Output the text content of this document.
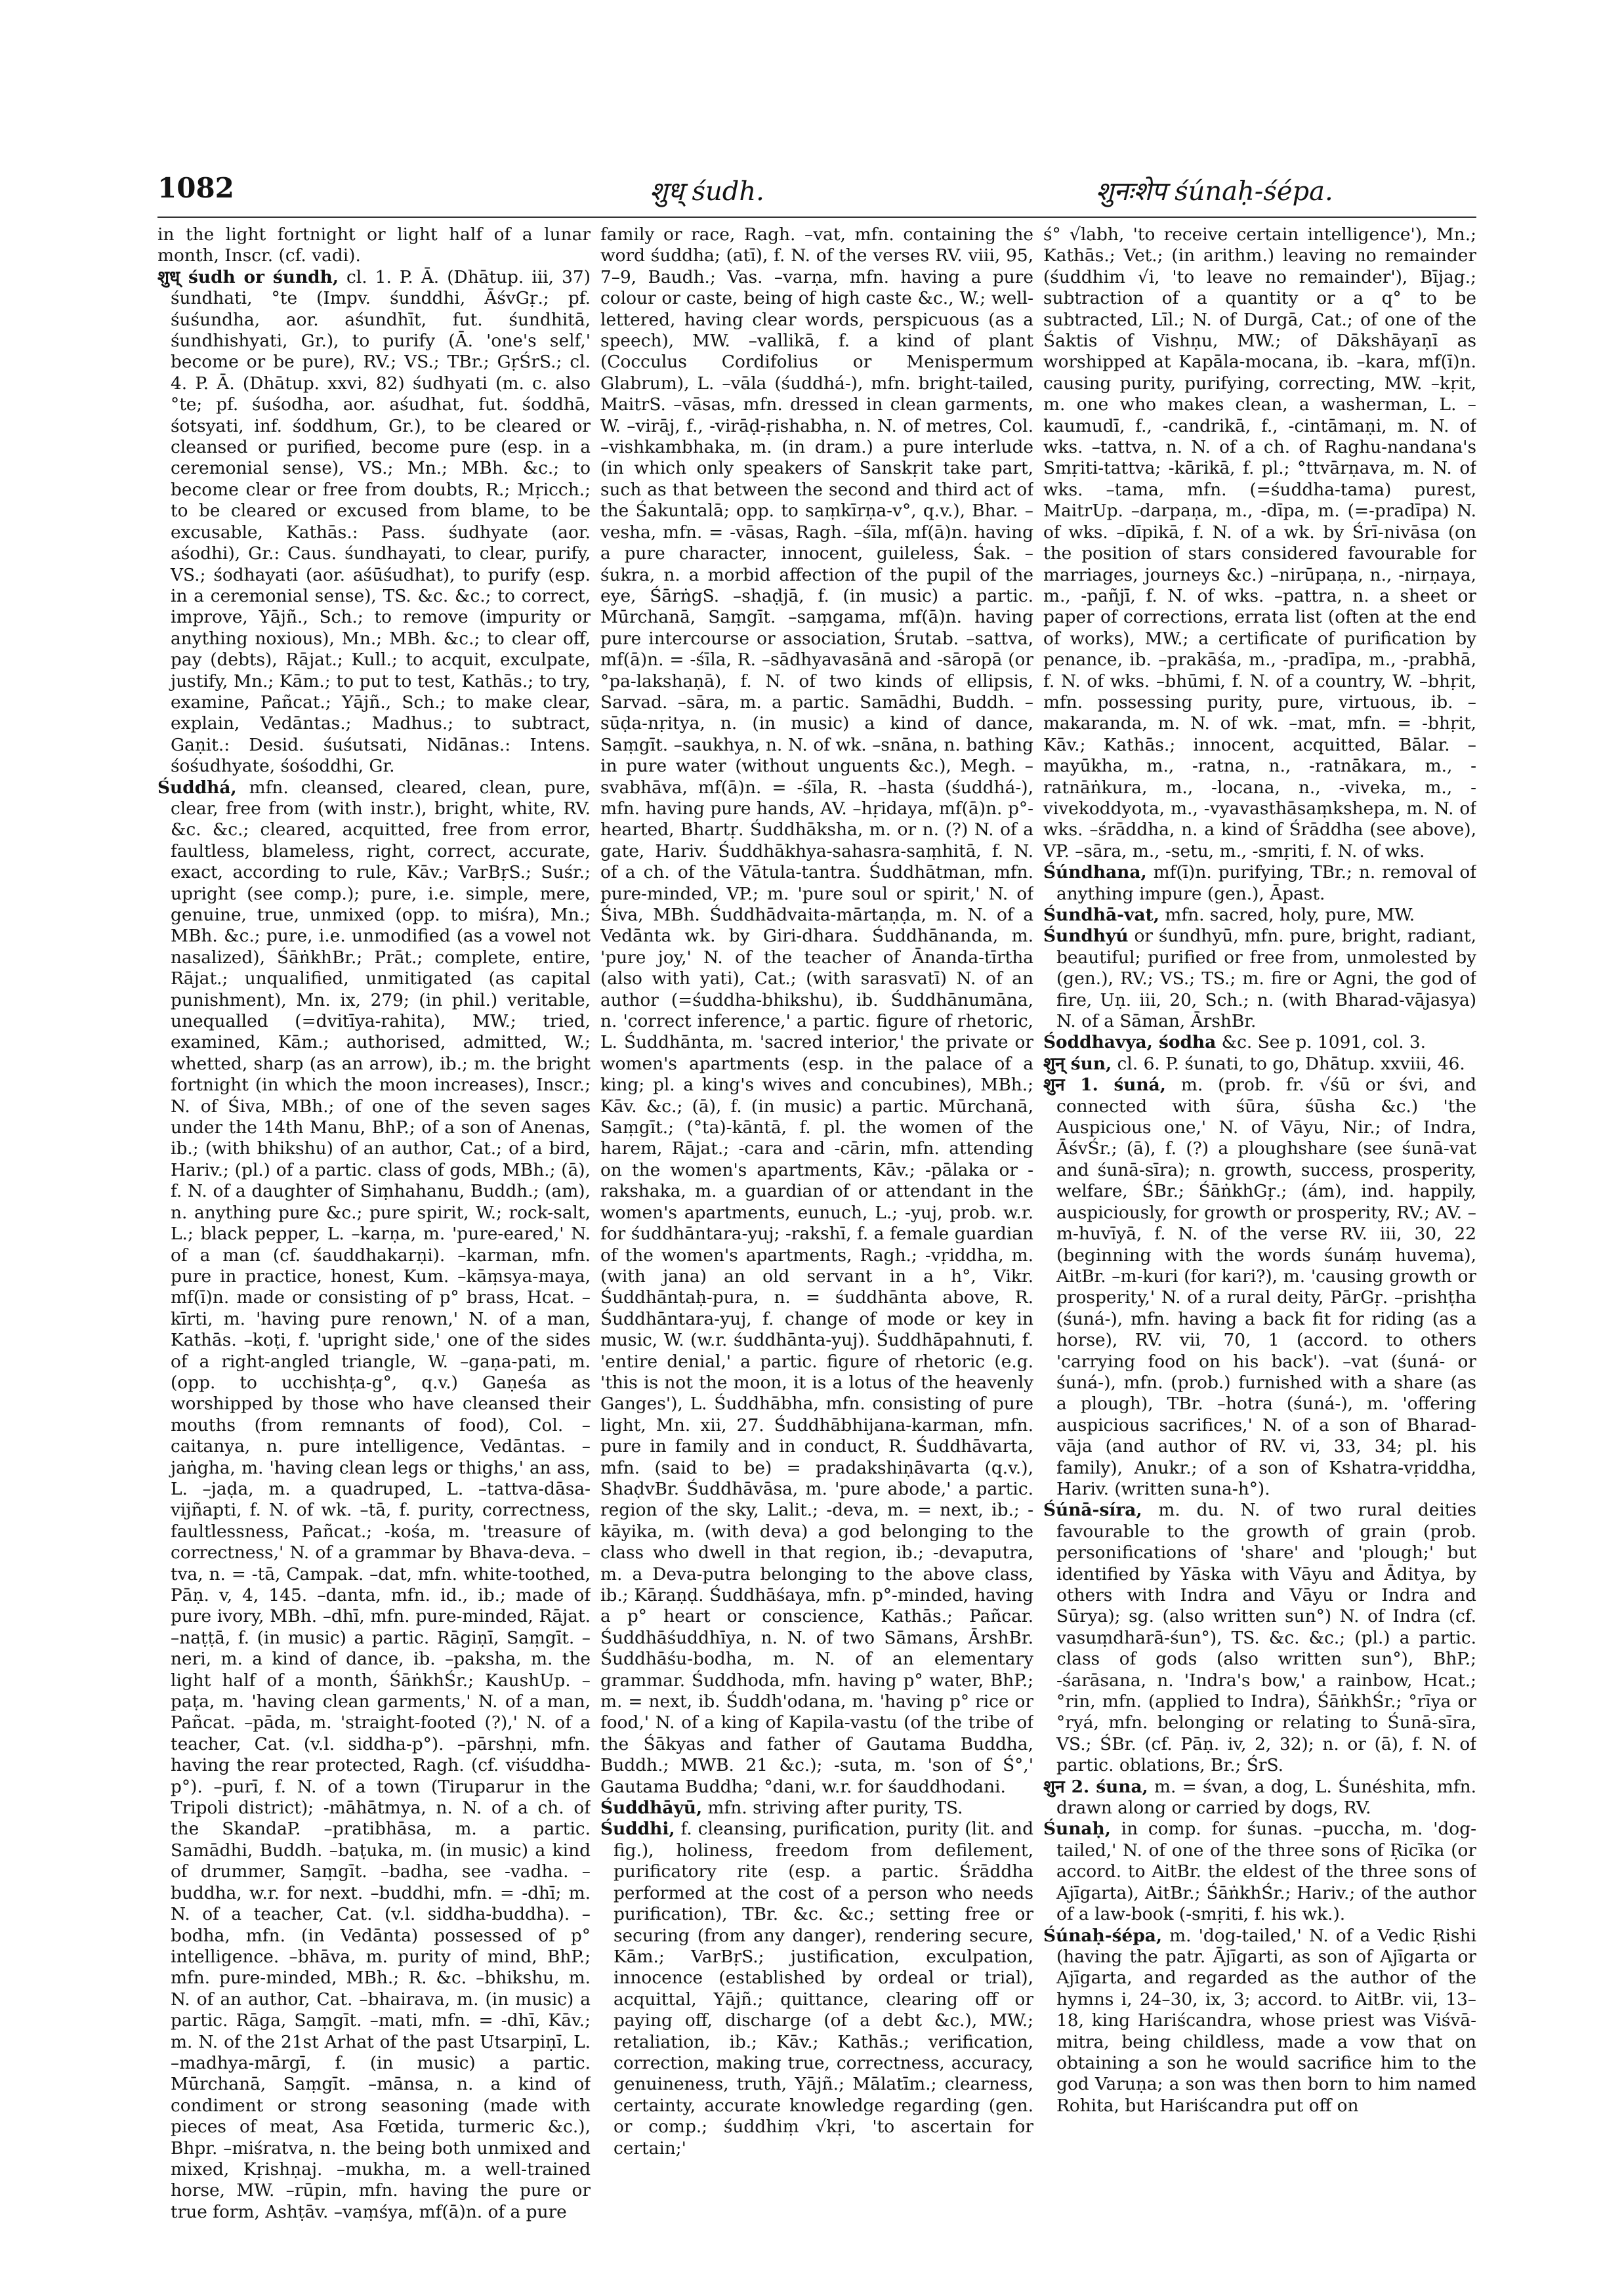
1082	शुध् śudh.	शुनःशेप śúnaḥ-śépa.

in the light fortnight or light half of a lunar month, Inscr. (cf. vadi).

शुध् śudh or śundh, cl. 1. P. Ā. (Dhātup. iii, 37) śundhati, °te (Impv. śunddhi, ĀśvGṛ.; pf. śuśundha, aor. aśundhīt, fut. śundhitā, śundhishyati, Gr.), to purify (Ā. 'one's self,' become or be pure), RV.; VS.; TBr.; GṛŚrS.; cl. 4. P. Ā. (Dhātup. xxvi, 82) śudhyati (m. c. also °te; pf. śuśodha, aor. aśudhat, fut. śoddhā, śotsyati, inf. śoddhum, Gr.), to be cleared or cleansed or purified, become pure (esp. in a ceremonial sense), VS.; Mn.; MBh. &c.; to become clear or free from doubts, R.; Mṛicch.; to be cleared or excused from blame, to be excusable, Kathās.: Pass. śudhyate (aor. aśodhi), Gr.: Caus. śundhayati, to clear, purify, VS.; śodhayati (aor. aśūśudhat), to purify (esp. in a ceremonial sense), TS. &c. &c.; to correct, improve, Yājñ., Sch.; to remove (impurity or anything noxious), Mn.; MBh. &c.; to clear off, pay (debts), Rājat.; Kull.; to acquit, exculpate, justify, Mn.; Kām.; to put to test, Kathās.; to try, examine, Pañcat.; Yājñ., Sch.; to make clear, explain, Vedāntas.; Madhus.; to subtract, Gaṇit.: Desid. śuśutsati, Nidānas.: Intens. śośudhyate, śośoddhi, Gr.

Śuddhá, mfn. cleansed, cleared, clean, pure, clear, free from (with instr.), bright, white, RV. &c. &c.; cleared, acquitted, free from error, faultless, blameless, right, correct, accurate, exact, according to rule, Kāv.; VarBṛS.; Suśr.; upright (see comp.); pure, i.e. simple, mere, genuine, true, unmixed (opp. to miśra), Mn.; MBh. &c.; pure, i.e. unmodified (as a vowel not nasalized), ŚāṅkhBr.; Prāt.; complete, entire, Rājat.; unqualified, unmitigated (as capital punishment), Mn. ix, 279; (in phil.) veritable, unequalled (=dvitīya-rahita), MW.; tried, examined, Kām.; authorised, admitted, W.; whetted, sharp (as an arrow), ib.; m. the bright fortnight (in which the moon increases), Inscr.; N. of Śiva, MBh.; of one of the seven sages under the 14th Manu, BhP.; of a son of Anenas, ib.; (with bhikshu) of an author, Cat.; of a bird, Hariv.; (pl.) of a partic. class of gods, MBh.; (ā), f. N. of a daughter of Siṃhahanu, Buddh.; (am), n. anything pure &c.; pure spirit, W.; rock-salt, L.; black pepper, L. –karṇa, m. 'pure-eared,' N. of a man (cf. śauddhakarṇi). –karman, mfn. pure in practice, honest, Kum. –kāṃsya-maya, mf(ī)n. made or consisting of p° brass, Hcat. –kīrti, m. 'having pure renown,' N. of a man, Kathās. –koṭi, f. 'upright side,' one of the sides of a right-angled triangle, W. –gaṇa-pati, m. (opp. to ucchishṭa-g°, q.v.) Gaṇeśa as worshipped by those who have cleansed their mouths (from remnants of food), Col. –caitanya, n. pure intelligence, Vedāntas. –jaṅgha, m. 'having clean legs or thighs,' an ass, L. –jaḍa, m. a quadruped, L. –tattva-dāsa-vijñapti, f. N. of wk. –tā, f. purity, correctness, faultlessness, Pañcat.; -kośa, m. 'treasure of correctness,' N. of a grammar by Bhava-deva. –tva, n. = -tā, Campak. –dat, mfn. white-toothed, Pāṇ. v, 4, 145. –danta, mfn. id., ib.; made of pure ivory, MBh. –dhī, mfn. pure-minded, Rājat. –naṭṭā, f. (in music) a partic. Rāgiṇī, Saṃgīt. –neri, m. a kind of dance, ib. –paksha, m. the light half of a month, ŚāṅkhŚr.; KaushUp. –paṭa, m. 'having clean garments,' N. of a man, Pañcat. –pāda, m. 'straight-footed (?),' N. of a teacher, Cat. (v.l. siddha-p°). –pārshṇi, mfn. having the rear protected, Ragh. (cf. viśuddha-p°). –purī, f. N. of a town (Tiruparur in the Tripoli district); -māhātmya, n. N. of a ch. of the SkandaP. –pratibhāsa, m. a partic. Samādhi, Buddh. –baṭuka, m. (in music) a kind of drummer, Saṃgīt. –badha, see -vadha. –buddha, w.r. for next. –buddhi, mfn. = -dhī; m. N. of a teacher, Cat. (v.l. siddha-buddha). –bodha, mfn. (in Vedānta) possessed of p° intelligence. –bhāva, m. purity of mind, BhP.; mfn. pure-minded, MBh.; R. &c. –bhikshu, m. N. of an author, Cat. –bhairava, m. (in music) a partic. Rāga, Saṃgīt. –mati, mfn. = -dhī, Kāv.; m. N. of the 21st Arhat of the past Utsarpiṇī, L. –madhya-mārgī, f. (in music) a partic. Mūrchanā, Saṃgīt. –mānsa, n. a kind of condiment or strong seasoning (made with pieces of meat, Asa Fœtida, turmeric &c.), Bhpr. –miśratva, n. the being both unmixed and mixed, Kṛishṇaj. –mukha, m. a well-trained horse, MW. –rūpin, mfn. having the pure or true form, Ashṭāv. –vaṃśya, mf(ā)n. of a pure

family or race, Ragh. –vat, mfn. containing the word śuddha; (atī), f. N. of the verses RV. viii, 95, 7–9, Baudh.; Vas. –varṇa, mfn. having a pure colour or caste, being of high caste &c., W.; well-lettered, having clear words, perspicuous (as a speech), MW. –vallikā, f. a kind of plant (Cocculus Cordifolius or Menispermum Glabrum), L. –vāla (śuddhá-), mfn. bright-tailed, MaitrS. –vāsas, mfn. dressed in clean garments, W. –virāj, f., -virāḍ-ṛishabha, n. N. of metres, Col. –vishkambhaka, m. (in dram.) a pure interlude (in which only speakers of Sanskṛit take part, such as that between the second and third act of the Śakuntalā; opp. to saṃkīrṇa-v°, q.v.), Bhar. –vesha, mfn. = -vāsas, Ragh. –śīla, mf(ā)n. having a pure character, innocent, guileless, Śak. –śukra, n. a morbid affection of the pupil of the eye, ŚārṅgS. –shaḍjā, f. (in music) a partic. Mūrchanā, Saṃgīt. –saṃgama, mf(ā)n. having pure intercourse or association, Śrutab. –sattva, mf(ā)n. = -śīla, R. –sādhyavasānā and -sāropā (or °pa-lakshaṇā), f. N. of two kinds of ellipsis, Sarvad. –sāra, m. a partic. Samādhi, Buddh. –sūḍa-nṛitya, n. (in music) a kind of dance, Saṃgīt. –saukhya, n. N. of wk. –snāna, n. bathing in pure water (without unguents &c.), Megh. –svabhāva, mf(ā)n. = -śīla, R. –hasta (śuddhá-), mfn. having pure hands, AV. –hṛidaya, mf(ā)n. p°-hearted, Bhartṛ. Śuddhāksha, m. or n. (?) N. of a gate, Hariv. Śuddhākhya-sahasra-saṃhitā, f. N. of a ch. of the Vātula-tantra. Śuddhātman, mfn. pure-minded, VP.; m. 'pure soul or spirit,' N. of Śiva, MBh. Śuddhādvaita-mārtaṇḍa, m. N. of a Vedānta wk. by Giri-dhara. Śuddhānanda, m. 'pure joy,' N. of the teacher of Ānanda-tīrtha (also with yati), Cat.; (with sarasvatī) N. of an author (=śuddha-bhikshu), ib. Śuddhānumāna, n. 'correct inference,' a partic. figure of rhetoric, L. Śuddhānta, m. 'sacred interior,' the private or women's apartments (esp. in the palace of a king; pl. a king's wives and concubines), MBh.; Kāv. &c.; (ā), f. (in music) a partic. Mūrchanā, Saṃgīt.; (°ta)-kāntā, f. pl. the women of the harem, Rājat.; -cara and -cārin, mfn. attending on the women's apartments, Kāv.; -pālaka or -rakshaka, m. a guardian of or attendant in the women's apartments, eunuch, L.; -yuj, prob. w.r. for śuddhāntara-yuj; -rakshī, f. a female guardian of the women's apartments, Ragh.; -vṛiddha, m. (with jana) an old servant in a h°, Vikr. Śuddhāntaḥ-pura, n. = śuddhānta above, R. Śuddhāntara-yuj, f. change of mode or key in music, W. (w.r. śuddhānta-yuj). Śuddhāpahnuti, f. 'entire denial,' a partic. figure of rhetoric (e.g. 'this is not the moon, it is a lotus of the heavenly Ganges'), L. Śuddhābha, mfn. consisting of pure light, Mn. xii, 27. Śuddhābhijana-karman, mfn. pure in family and in conduct, R. Śuddhāvarta, mfn. (said to be) = pradakshiṇāvarta (q.v.), ShaḍvBr. Śuddhāvāsa, m. 'pure abode,' a partic. region of the sky, Lalit.; -deva, m. = next, ib.; -kāyika, m. (with deva) a god belonging to the class who dwell in that region, ib.; -devaputra, m. a Deva-putra belonging to the above class, ib.; Kāraṇḍ. Śuddhāśaya, mfn. p°-minded, having a p° heart or conscience, Kathās.; Pañcar. Śuddhāśuddhīya, n. N. of two Sāmans, ĀrshBr. Śuddhāśu-bodha, m. N. of an elementary grammar. Śuddhoda, mfn. having p° water, BhP.; m. = next, ib. Śuddh'odana, m. 'having p° rice or food,' N. of a king of Kapila-vastu (of the tribe of the Śākyas and father of Gautama Buddha, Buddh.; MWB. 21 &c.); -suta, m. 'son of Ś°,' Gautama Buddha; °dani, w.r. for śauddhodani.

Śuddhāyū, mfn. striving after purity, TS.

Śuddhi, f. cleansing, purification, purity (lit. and fig.), holiness, freedom from defilement, purificatory rite (esp. a partic. Śrāddha performed at the cost of a person who needs purification), TBr. &c. &c.; setting free or securing (from any danger), rendering secure, Kām.; VarBṛS.; justification, exculpation, innocence (established by ordeal or trial), acquittal, Yājñ.; quittance, clearing off or paying off, discharge (of a debt &c.), MW.; retaliation, ib.; Kāv.; Kathās.; verification, correction, making true, correctness, accuracy, genuineness, truth, Yājñ.; Mālatīm.; clearness, certainty, accurate knowledge regarding (gen. or comp.; śuddhiṃ √kṛi, 'to ascertain for certain;'

ś° √labh, 'to receive certain intelligence'), Mn.; Kathās.; Vet.; (in arithm.) leaving no remainder (śuddhim √i, 'to leave no remainder'), Bījag.; subtraction of a quantity or a q° to be subtracted, Līl.; N. of Durgā, Cat.; of one of the Śaktis of Vishṇu, MW.; of Dākshāyaṇī as worshipped at Kapāla-mocana, ib. –kara, mf(ī)n. causing purity, purifying, correcting, MW. –kṛit, m. one who makes clean, a washerman, L. –kaumudī, f., -candrikā, f., -cintāmaṇi, m. N. of wks. –tattva, n. N. of a ch. of Raghu-nandana's Smṛiti-tattva; -kārikā, f. pl.; °ttvārṇava, m. N. of wks. –tama, mfn. (=śuddha-tama) purest, MaitrUp. –darpaṇa, m., -dīpa, m. (=-pradīpa) N. of wks. –dīpikā, f. N. of a wk. by Śrī-nivāsa (on the position of stars considered favourable for marriages, journeys &c.) –nirūpaṇa, n., -nirṇaya, m., -pañjī, f. N. of wks. –pattra, n. a sheet or paper of corrections, errata list (often at the end of works), MW.; a certificate of purification by penance, ib. –prakāśa, m., -pradīpa, m., -prabhā, f. N. of wks. –bhūmi, f. N. of a country, W. –bhṛit, mfn. possessing purity, pure, virtuous, ib. –makaranda, m. N. of wk. –mat, mfn. = -bhṛit, Kāv.; Kathās.; innocent, acquitted, Bālar. –mayūkha, m., -ratna, n., -ratnākara, m., -ratnāṅkura, m., -locana, n., -viveka, m., -vivekoddyota, m., -vyavasthāsaṃkshepa, m. N. of wks. –śrāddha, n. a kind of Śrāddha (see above), VP. –sāra, m., -setu, m., -smṛiti, f. N. of wks.

Śúndhana, mf(ī)n. purifying, TBr.; n. removal of anything impure (gen.), Āpast.

Śundhā-vat, mfn. sacred, holy, pure, MW.

Śundhyú or śundhyū, mfn. pure, bright, radiant, beautiful; purified or free from, unmolested by (gen.), RV.; VS.; TS.; m. fire or Agni, the god of fire, Uṇ. iii, 20, Sch.; n. (with Bharad-vājasya) N. of a Sāman, ĀrshBr.

Śoddhavya, śodha &c. See p. 1091, col. 3.

शुन् śun, cl. 6. P. śunati, to go, Dhātup. xxviii, 46.

शुन 1. śuná, m. (prob. fr. √śū or śvi, and connected with śūra, śūsha &c.) 'the Auspicious one,' N. of Vāyu, Nir.; of Indra, ĀśvŚr.; (ā), f. (?) a ploughshare (see śunā-vat and śunā-sīra); n. growth, success, prosperity, welfare, ŚBr.; ŚāṅkhGṛ.; (ám), ind. happily, auspiciously, for growth or prosperity, RV.; AV. –m-huvīyā, f. N. of the verse RV. iii, 30, 22 (beginning with the words śunáṃ huvema), AitBr. –m-kuri (for kari?), m. 'causing growth or prosperity,' N. of a rural deity, PārGṛ. –prishṭha (śuná-), mfn. having a back fit for riding (as a horse), RV. vii, 70, 1 (accord. to others 'carrying food on his back'). –vat (śuná- or śuná-), mfn. (prob.) furnished with a share (as a plough), TBr. –hotra (śuná-), m. 'offering auspicious sacrifices,' N. of a son of Bharad-vāja (and author of RV. vi, 33, 34; pl. his family), Anukr.; of a son of Kshatra-vṛiddha, Hariv. (written suna-h°).

Śúnā-síra, m. du. N. of two rural deities favourable to the growth of grain (prob. personifications of 'share' and 'plough;' but identified by Yāska with Vāyu and Āditya, by others with Indra and Vāyu or Indra and Sūrya); sg. (also written sun°) N. of Indra (cf. vasuṃdharā-śun°), TS. &c. &c.; (pl.) a partic. class of gods (also written sun°), BhP.; -śarāsana, n. 'Indra's bow,' a rainbow, Hcat.; °rin, mfn. (applied to Indra), ŚāṅkhŚr.; °rīya or °ryá, mfn. belonging or relating to Śunā-sīra, VS.; ŚBr. (cf. Pāṇ. iv, 2, 32); n. or (ā), f. N. of partic. oblations, Br.; ŚrS.

शुन 2. śuna, m. = śvan, a dog, L. Śunéshita, mfn. drawn along or carried by dogs, RV.

Śunaḥ, in comp. for śunas. –puccha, m. 'dog-tailed,' N. of one of the three sons of Ṛicīka (or accord. to AitBr. the eldest of the three sons of Ajīgarta), AitBr.; ŚāṅkhŚr.; Hariv.; of the author of a law-book (-smṛiti, f. his wk.).

Śúnaḥ-śépa, m. 'dog-tailed,' N. of a Vedic Ṛishi (having the patr. Ājīgarti, as son of Ajīgarta or Ajīgarta, and regarded as the author of the hymns i, 24–30, ix, 3; accord. to AitBr. vii, 13–18, king Hariścandra, whose priest was Viśvā-mitra, being childless, made a vow that on obtaining a son he would sacrifice him to the god Varuṇa; a son was then born to him named Rohita, but Hariścandra put off on
